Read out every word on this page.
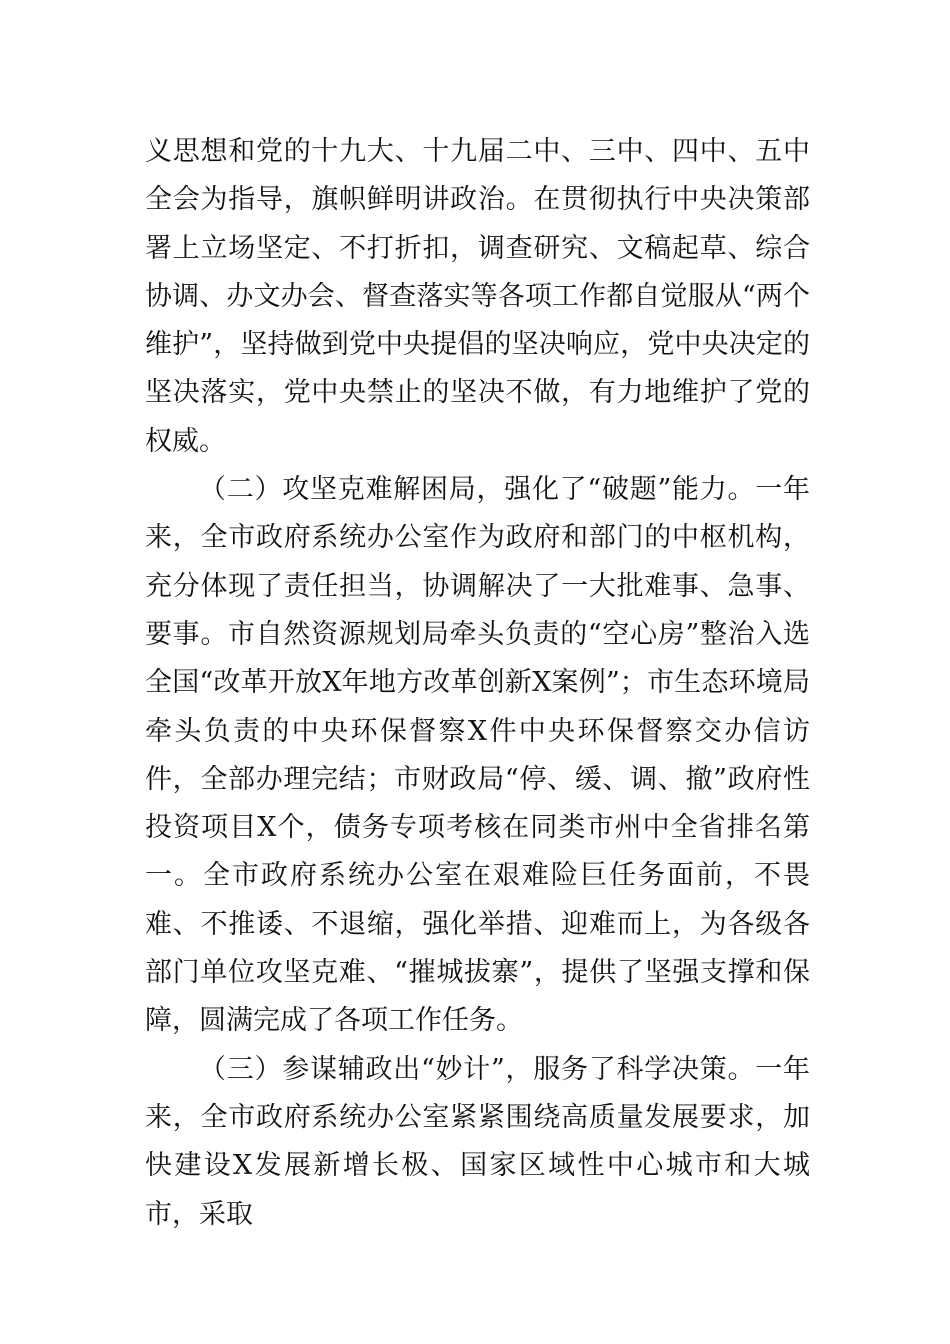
义思想和党的十九大、十九届二中、三中、四中、五中全会为指导，旗帜鲜明讲政治。在贯彻执行中央决策部署上立场坚定、不打折扣，调查研究、文稿起草、综合协调、办文办会、督查落实等各项工作都自觉服从“两个维护”，坚持做到党中央提倡的坚决响应，党中央决定的坚决落实，党中央禁止的坚决不做，有力地维护了党的权威。

（二）攻坚克难解困局，强化了“破题”能力。一年来，全市政府系统办公室作为政府和部门的中枢机构，充分体现了责任担当，协调解决了一大批难事、急事、要事。市自然资源规划局牵头负责的“空心房”整治入选全国“改革开放X年地方改革创新X案例”；市生态环境局牵头负责的中央环保督察X件中央环保督察交办信访件，全部办理完结；市财政局“停、缓、调、撤”政府性投资项目X个，债务专项考核在同类市州中全省排名第一。全市政府系统办公室在艰难险巨任务面前，不畏难、不推诿、不退缩，强化举措、迎难而上，为各级各部门单位攻坚克难、“摧城拔寨”，提供了坚强支撑和保障，圆满完成了各项工作任务。

（三）参谋辅政出“妙计”，服务了科学决策。一年来，全市政府系统办公室紧紧围绕高质量发展要求，加快建设X发展新增长极、国家区域性中心城市和大城市，采取
